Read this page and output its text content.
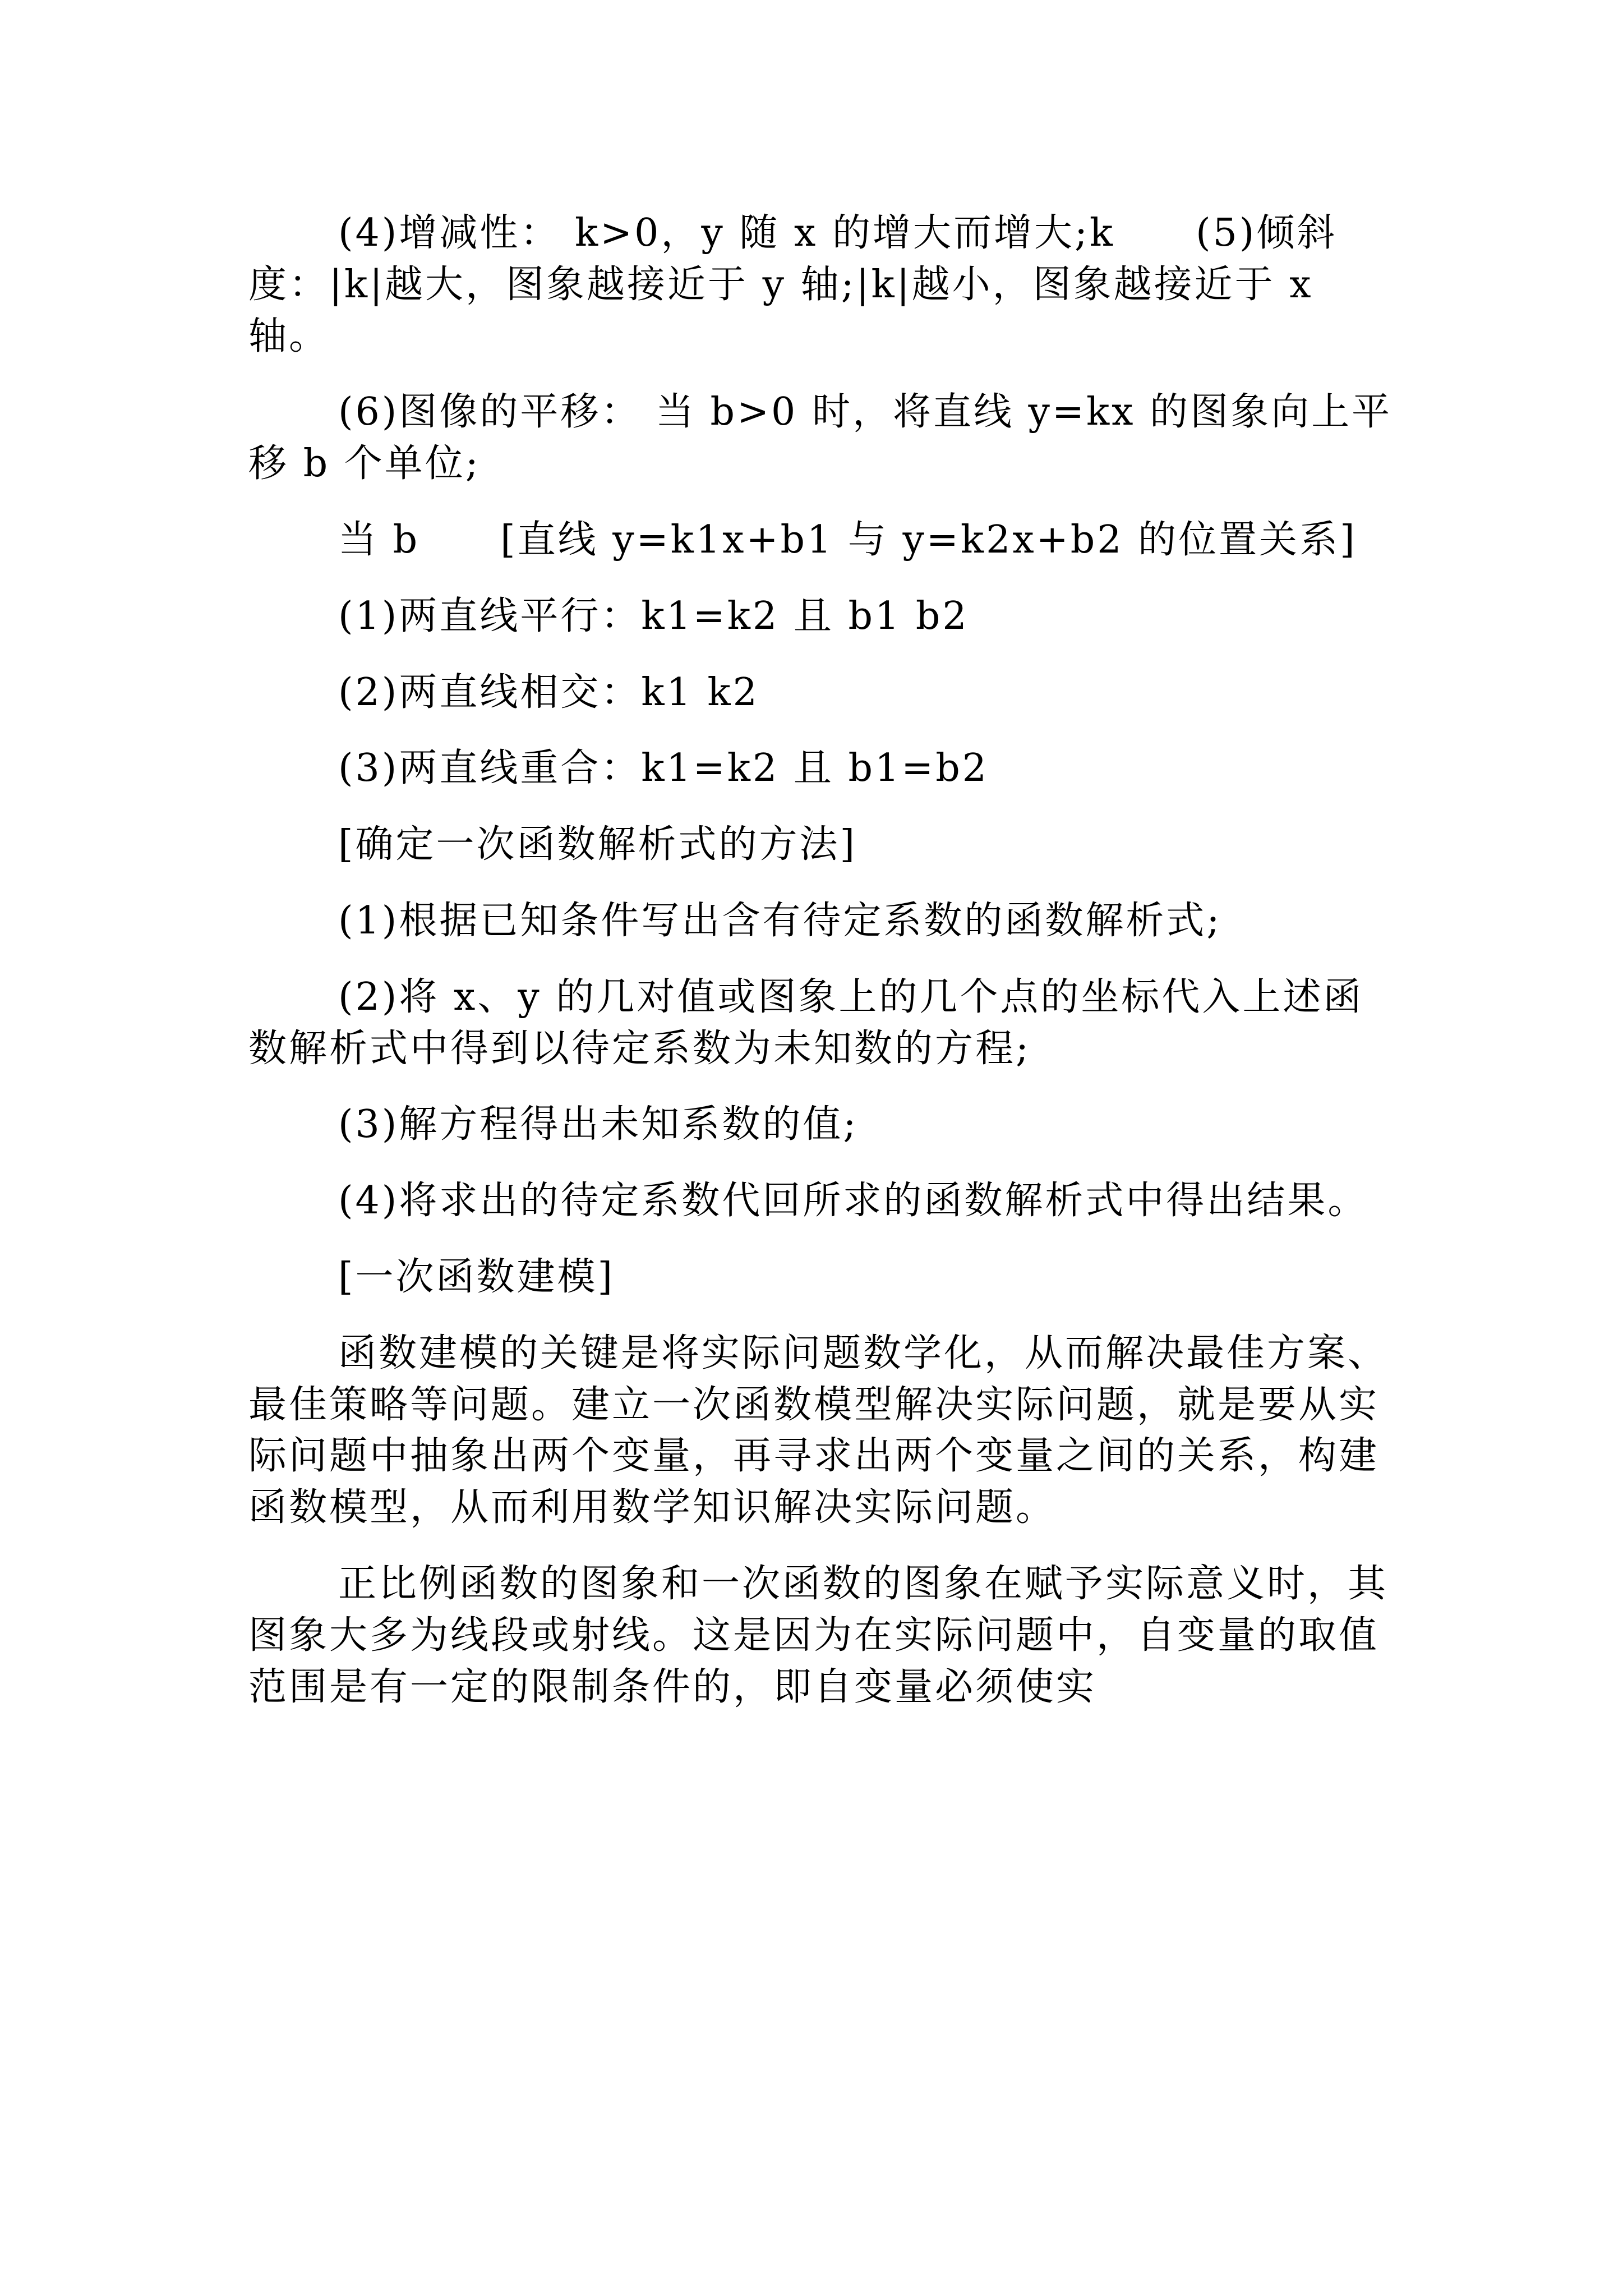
(4)增减性： k>0，y 随 x 的增大而增大;k　　(5)倾斜度：|k|越大，图象越接近于 y 轴;|k|越小，图象越接近于 x 轴。

(6)图像的平移： 当 b>0 时，将直线 y=kx 的图象向上平移 b 个单位;

当 b　　[直线 y=k1x+b1 与 y=k2x+b2 的位置关系]

(1)两直线平行：k1=k2 且 b1 b2

(2)两直线相交：k1 k2

(3)两直线重合：k1=k2 且 b1=b2

[确定一次函数解析式的方法]

(1)根据已知条件写出含有待定系数的函数解析式;

(2)将 x、y 的几对值或图象上的几个点的坐标代入上述函数解析式中得到以待定系数为未知数的方程;

(3)解方程得出未知系数的值;

(4)将求出的待定系数代回所求的函数解析式中得出结果。

[一次函数建模]

函数建模的关键是将实际问题数学化，从而解决最佳方案、最佳策略等问题。建立一次函数模型解决实际问题，就是要从实际问题中抽象出两个变量，再寻求出两个变量之间的关系，构建函数模型，从而利用数学知识解决实际问题。

正比例函数的图象和一次函数的图象在赋予实际意义时，其图象大多为线段或射线。这是因为在实际问题中，自变量的取值范围是有一定的限制条件的，即自变量必须使实
